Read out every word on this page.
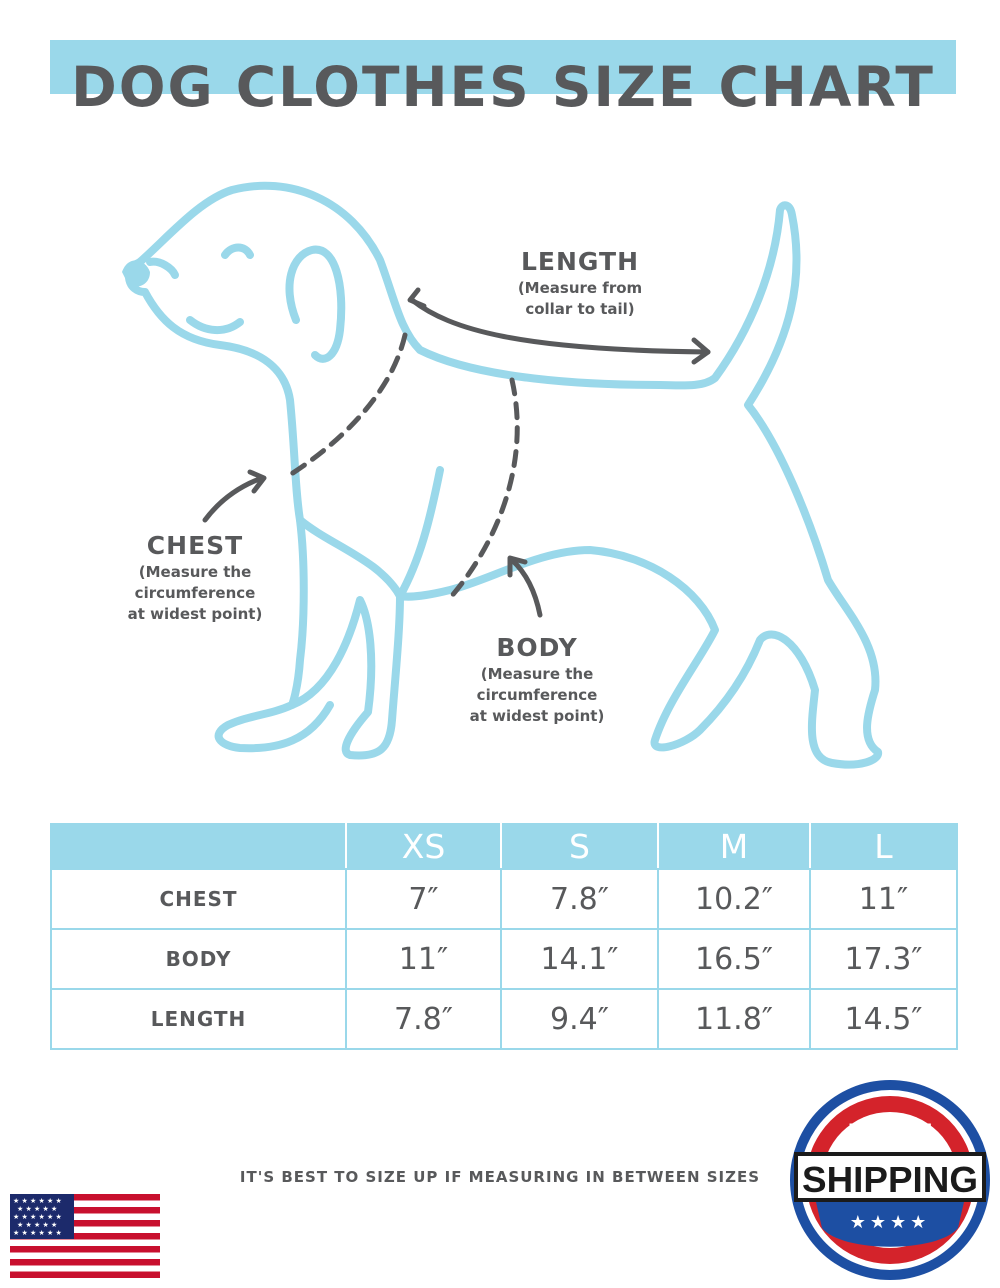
DOG CLOTHES SIZE CHART
LENGTH
(Measure from
collar to tail)
CHEST
(Measure the
circumference
at widest point)
BODY
(Measure the
circumference
at widest point)
	XS	S	M	L
CHEST	7″	7.8″	10.2″	11″
BODY	11″	14.1″	16.5″	17.3″
LENGTH	7.8″	9.4″	11.8″	14.5″
IT'S BEST TO SIZE UP IF MEASURING IN BETWEEN SIZES
★ ★ ★ ★ ★ ★
★ ★ ★ ★ ★
★ ★ ★ ★ ★ ★
★ ★ ★ ★ ★
★ ★ ★ ★ ★ ★
FREE
SHIPPING
★★★★
